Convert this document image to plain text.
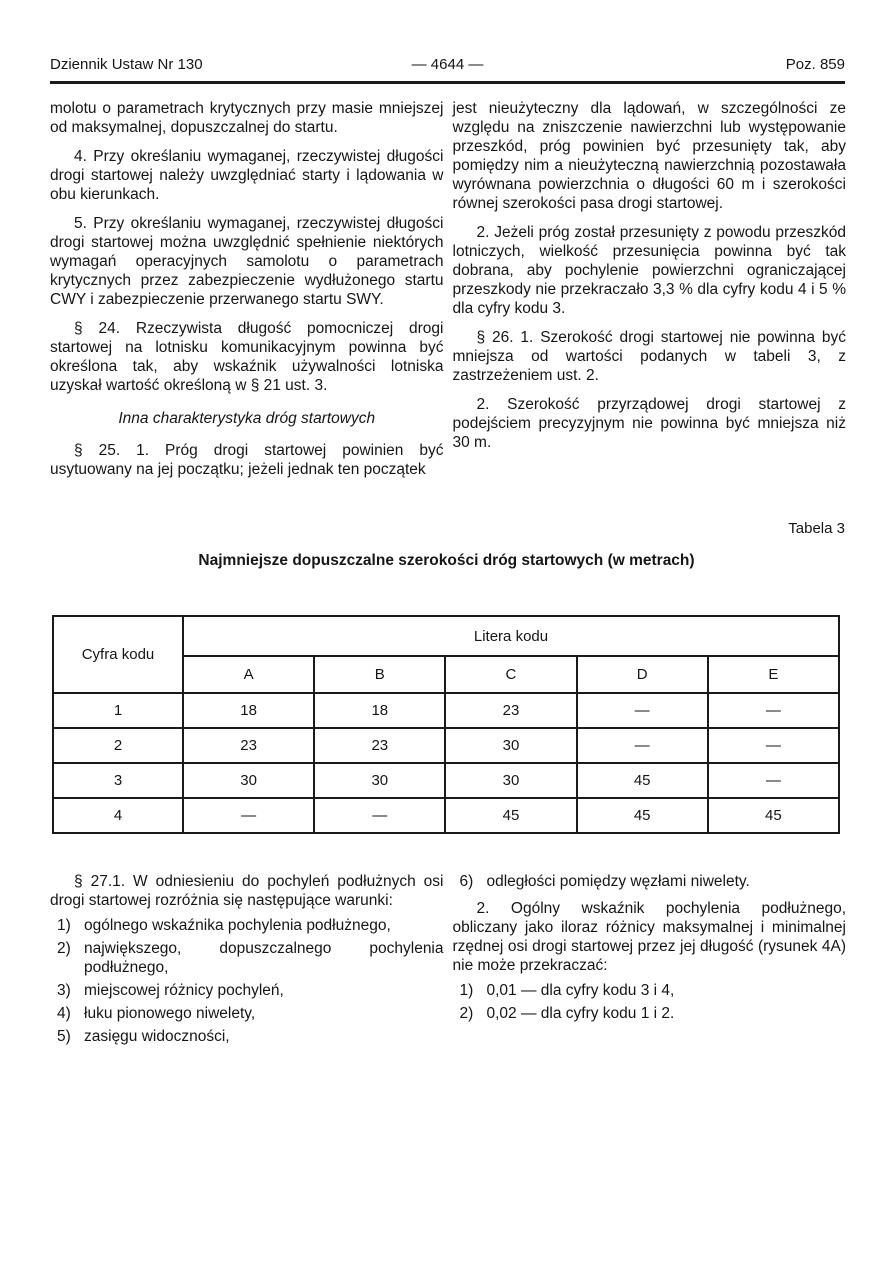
Dziennik Ustaw Nr 130	— 4644 —	Poz. 859

molotu o parametrach krytycznych przy masie mniejszej od maksymalnej, dopuszczalnej do startu.

4. Przy określaniu wymaganej, rzeczywistej długości drogi startowej należy uwzględniać starty i lądowania w obu kierunkach.

5. Przy określaniu wymaganej, rzeczywistej długości drogi startowej można uwzględnić spełnienie niektórych wymagań operacyjnych samolotu o parametrach krytycznych przez zabezpieczenie wydłużonego startu CWY i zabezpieczenie przerwanego startu SWY.

§ 24. Rzeczywista długość pomocniczej drogi startowej na lotnisku komunikacyjnym powinna być określona tak, aby wskaźnik używalności lotniska uzyskał wartość określoną w § 21 ust. 3.

Inna charakterystyka dróg startowych

§ 25. 1. Próg drogi startowej powinien być usytuowany na jej początku; jeżeli jednak ten początek

jest nieużyteczny dla lądowań, w szczególności ze względu na zniszczenie nawierzchni lub występowanie przeszkód, próg powinien być przesunięty tak, aby pomiędzy nim a nieużyteczną nawierzchnią pozostawała wyrównana powierzchnia o długości 60 m i szerokości równej szerokości pasa drogi startowej.

2. Jeżeli próg został przesunięty z powodu przeszkód lotniczych, wielkość przesunięcia powinna być tak dobrana, aby pochylenie powierzchni ograniczającej przeszkody nie przekraczało 3,3 % dla cyfry kodu 4 i 5 % dla cyfry kodu 3.

§ 26. 1. Szerokość drogi startowej nie powinna być mniejsza od wartości podanych w tabeli 3, z zastrzeżeniem ust. 2.

2. Szerokość przyrządowej drogi startowej z podejściem precyzyjnym nie powinna być mniejsza niż 30 m.

Tabela 3
Najmniejsze dopuszczalne szerokości dróg startowych (w metrach)
Cyfra kodu	Litera kodu				
	A	B	C	D	E
1	18	18	23	—	—
2	23	23	30	—	—
3	30	30	30	45	—
4	—	—	45	45	45

§ 27.1. W odniesieniu do pochyleń podłużnych osi drogi startowej rozróżnia się następujące warunki:

1) ogólnego wskaźnika pochylenia podłużnego,
2) największego, dopuszczalnego pochylenia podłużnego,
3) miejscowej różnicy pochyleń,
4) łuku pionowego niwelety,
5) zasięgu widoczności,
6) odległości pomiędzy węzłami niwelety.

2. Ogólny wskaźnik pochylenia podłużnego, obliczany jako iloraz różnicy maksymalnej i minimalnej rzędnej osi drogi startowej przez jej długość (rysunek 4A) nie może przekraczać:

1) 0,01 — dla cyfry kodu 3 i 4,
2) 0,02 — dla cyfry kodu 1 i 2.
